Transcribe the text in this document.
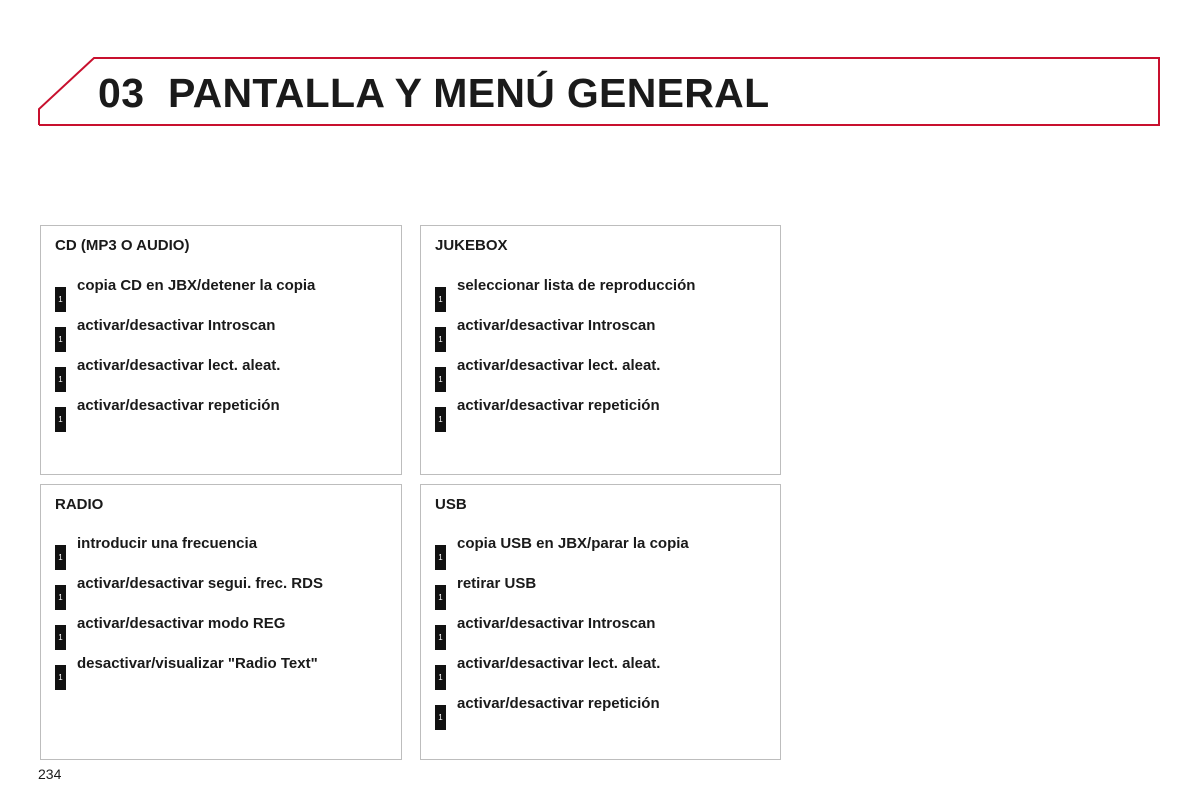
03 PANTALLA Y MENÚ GENERAL
CD (MP3 O AUDIO)
1
copia CD en JBX/detener la copia
1
activar/desactivar Introscan
1
activar/desactivar lect. aleat.
1
activar/desactivar repetición
JUKEBOX
1
seleccionar lista de reproducción
1
activar/desactivar Introscan
1
activar/desactivar lect. aleat.
1
activar/desactivar repetición
RADIO
1
introducir una frecuencia
1
activar/desactivar segui. frec. RDS
1
activar/desactivar modo REG
1
desactivar/visualizar "Radio Text"
USB
1
copia USB en JBX/parar la copia
1
retirar USB
1
activar/desactivar Introscan
1
activar/desactivar lect. aleat.
1
activar/desactivar repetición
234
